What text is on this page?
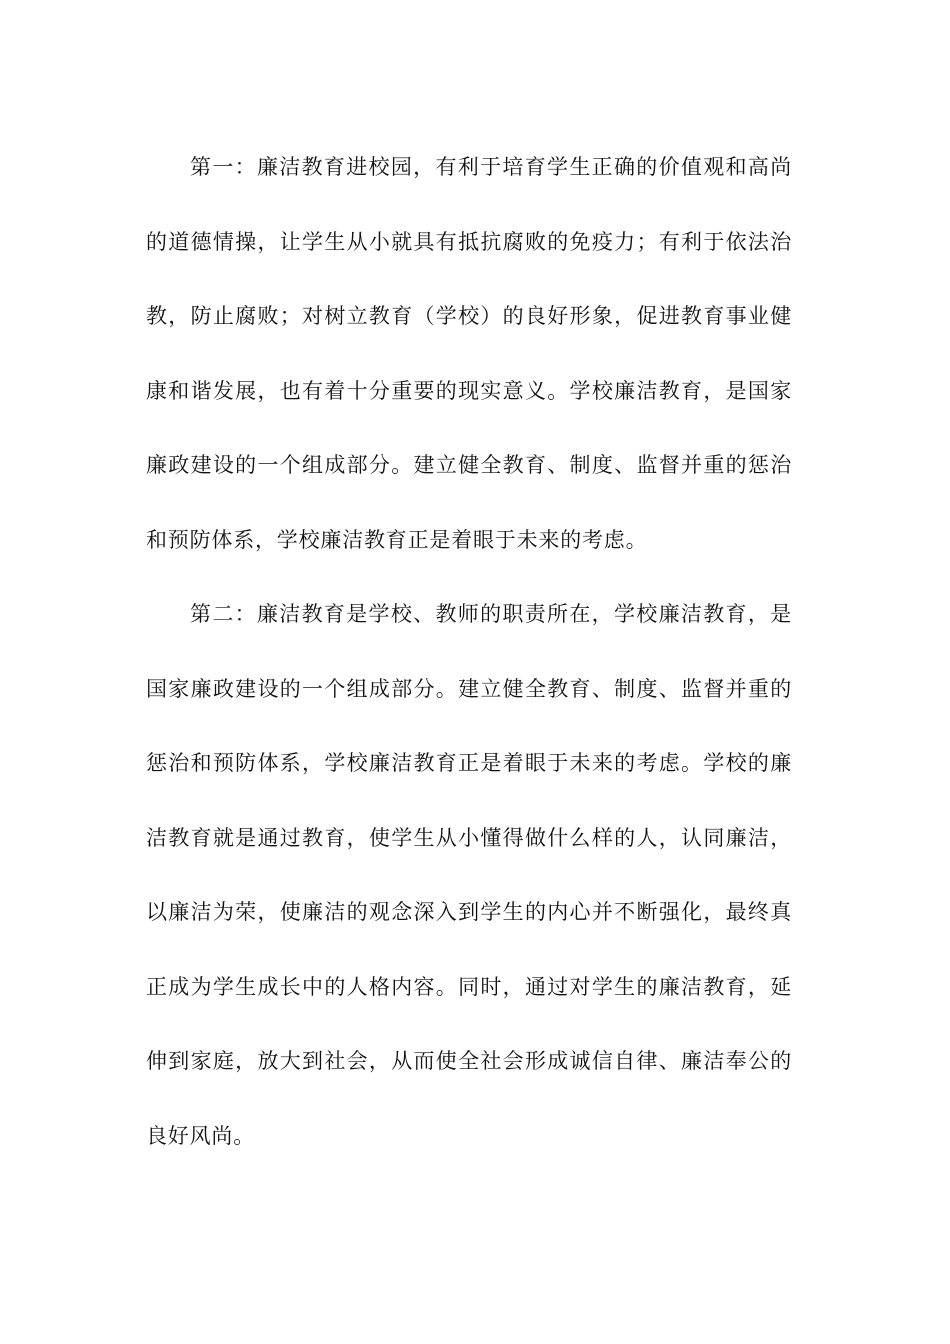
第一：廉洁教育进校园，有利于培育学生正确的价值观和高尚的道德情操，让学生从小就具有抵抗腐败的免疫力；有利于依法治教，防止腐败；对树立教育（学校）的良好形象，促进教育事业健康和谐发展，也有着十分重要的现实意义。学校廉洁教育，是国家廉政建设的一个组成部分。建立健全教育、制度、监督并重的惩治和预防体系，学校廉洁教育正是着眼于未来的考虑。

第二：廉洁教育是学校、教师的职责所在，学校廉洁教育，是国家廉政建设的一个组成部分。建立健全教育、制度、监督并重的惩治和预防体系，学校廉洁教育正是着眼于未来的考虑。学校的廉洁教育就是通过教育，使学生从小懂得做什么样的人，认同廉洁，以廉洁为荣，使廉洁的观念深入到学生的内心并不断强化，最终真正成为学生成长中的人格内容。同时，通过对学生的廉洁教育，延伸到家庭，放大到社会，从而使全社会形成诚信自律、廉洁奉公的良好风尚。
